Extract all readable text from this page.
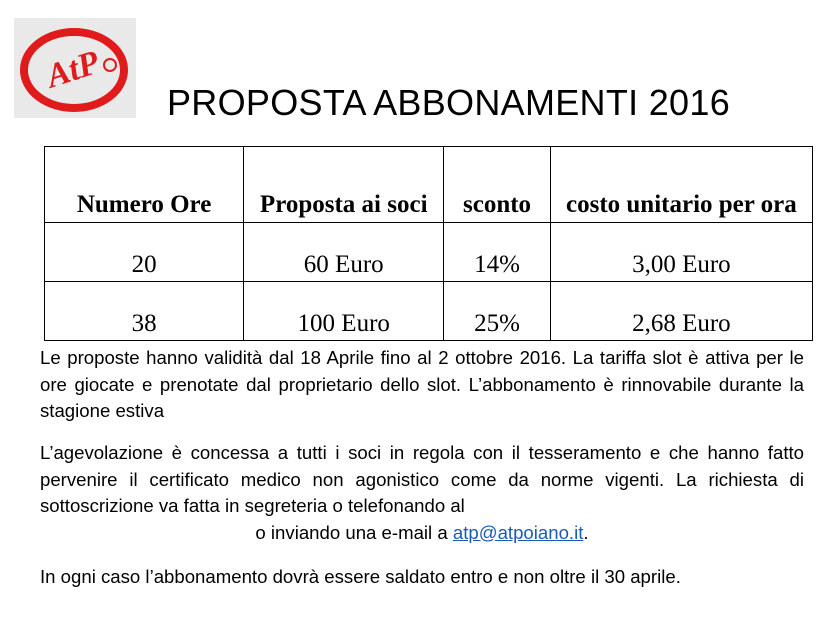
AtP
PROPOSTA ABBONAMENTI 2016
Numero Ore	Proposta ai soci	sconto	costo unitario per ora
20	60 Euro	14%	3,00 Euro
38	100 Euro	25%	2,68 Euro

Le proposte hanno validità dal 18 Aprile fino al 2 ottobre 2016. La tariffa slot è attiva per le ore giocate e prenotate dal proprietario dello slot. L’abbonamento è rinnovabile durante la stagione estiva

L’agevolazione è concessa a tutti i soci in regola con il tesseramento e che hanno fatto pervenire il certificato medico non agonistico come da norme vigenti. La richiesta di sottoscrizione va fatta in segreteria o telefonando al
o inviando una e-mail a atp@atpoiano.it.

In ogni caso l’abbonamento dovrà essere saldato entro e non oltre il 30 aprile.
